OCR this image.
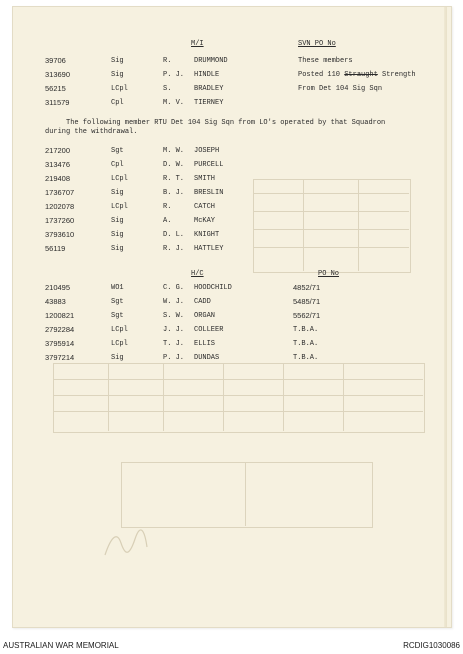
M/I	SVN PO No
39706	Sig	R.	DRUMMOND	These members
313690	Sig	P. J. HINDLE	Posted 110 Straught Strength
56215	LCpl	S.	BRADLEY	From Det 104 Sig Sqn
311579	Cpl	M. V. TIERNEY
The following member RTU Det 104 Sig Sqn from LO's operated by that Squadron
during the withdrawal.
217200	Sgt	M. W. JOSEPH
313476	Cpl	D. W. PURCELL
219408	LCpl	R. T. SMITH
1736707	Sig	B. J. BRESLIN
1202078	LCpl	R.	CATCH
1737260	Sig	A.	McKAY
3793610	Sig	D. L. KNIGHT
56119	Sig	R. J. HATTLEY
H/C	PO No
210495	WO1	C. G. HOODCHILD	4852/71
43883	Sgt	W. J. CADD	5485/71
1200821	Sgt	S. W. ORGAN	5562/71
2792284	LCpl	J. J. COLLEER	T.B.A.
3795914	LCpl	T. J. ELLIS	T.B.A.
3797214	Sig	P. J. DUNDAS	T.B.A.
AUSTRALIAN WAR MEMORIAL	RCDIG1030086
